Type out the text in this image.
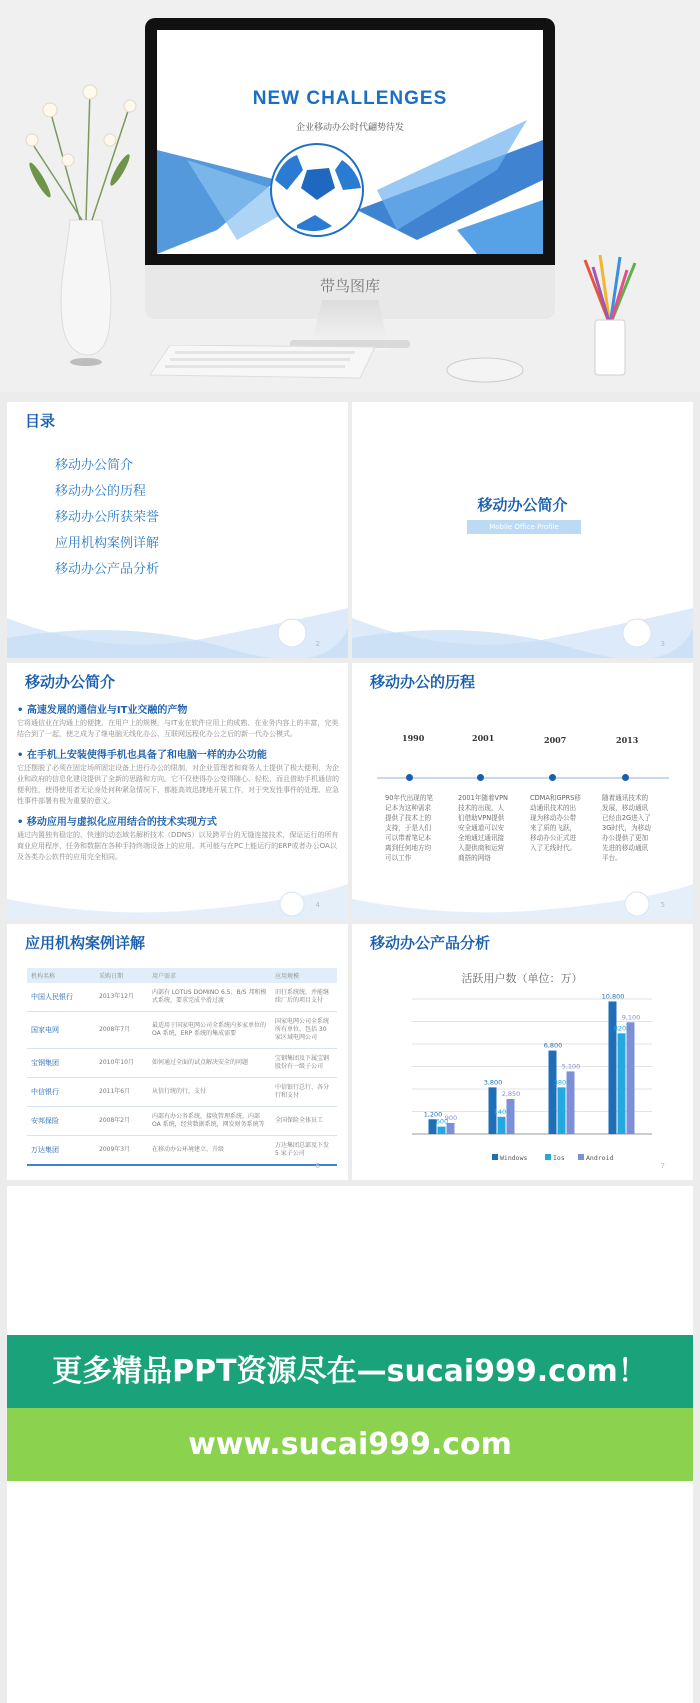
NEW CHALLENGES
企业移动办公时代翩势待发
带鸟图库
目录
移动办公简介
移动办公的历程
移动办公所获荣誉
应用机构案例详解
移动办公产品分析
2
移动办公简介
Mobile Office Profile
3
移动办公简介
• 高速发展的通信业与IT业交融的产物

它将通信业在沟通上的便捷、在用户上的规模，与IT业在软件应用上的成熟、在业务内容上的丰富，完美结合到了一起，使之成为了继电脑无线化办公、互联网远程化办公之后的新一代办公模式。

• 在手机上安装使得手机也具备了和电脑一样的办公功能

它还摆脱了必须在固定场所固定设备上进行办公的限制，对企业管理者和商务人士提供了极大便利，为企业和政府的信息化建设提供了全新的思路和方向。它不仅使得办公变得随心、轻松，而且借助手机通信的便利性，使得使用者无论身处何种紧急情况下，都能高效迅捷地开展工作，对于突发性事件的处理、应急性事件部署有极为重要的意义。

• 移动应用与虚拟化应用结合的技术实现方式

通过内置独有稳定的、快速的动态域名解析技术（DDNS）以及跨平台的无缝连接技术，保证运行的所有商业应用程序，任务和数据在各种手持终端设备上的应用。其可能与在PC上能运行的ERP或者办公OA以及各类办公软件的应用完全相同。

4
移动办公的历程
1990	2001	2007	2013
90年代出现的笔记本为这种需求提供了技术上的支持，于是人们可以带着笔记本离到任何地方均可以工作
2001年随着VPN技术的出现，人们借助VPN提供安全通道可以安全地通过通讯接入提供商和运营商搭的网络
CDMA和GPRS移动通讯技术的出现为移动办公带来了质的飞跃，移动办公正式进入了无线时代。
随着通讯技术的发展，移动通讯已经由2G进入了3G时代，为移动办公提供了更加先进的移动通讯平台。
5
应用机构案例详解
机构名称	采购日期	用户需求	应用规模
中国人民银行	2013年12月	内部有 LOTUS DOMINO 6.5、B/S 邦和模式系统，要求完成平滑过渡	旧行系统统，并能继续厂后的项目支付
国家电网	2008年7月	最适用于国家电网公司全系统内多家单位的 OA 系统，ERP 系统的集成需要	国家电网公司全系统所有单位，包括 30 家区域电网公司
宝钢集团	2010年10月	如何通过全面的试点解决安全的问题	宝钢集团及下属宝钢股份有一级子公司
中信银行	2011年6月	从信行统的行，支付	中信银行总行、各分行和支付
安邦保险	2008年2月	内部有办公务系统，接收管理系统，内部 OA 系统，经营数据系统，网发财务系统等	全国保险全体员工
万达集团	2009年3月	在移动办公环境建立，升级	万达集团总部及下发 5 家子公司
6
移动办公产品分析
活跃用户数（单位：万）
1,200
600
900
3,800
1400
2,850
6,800
3800
5,100
10,800
8200
9,100
Windows	Ios	Android
7
更多精品PPT资源尽在—sucai999.com！
www.sucai999.com
